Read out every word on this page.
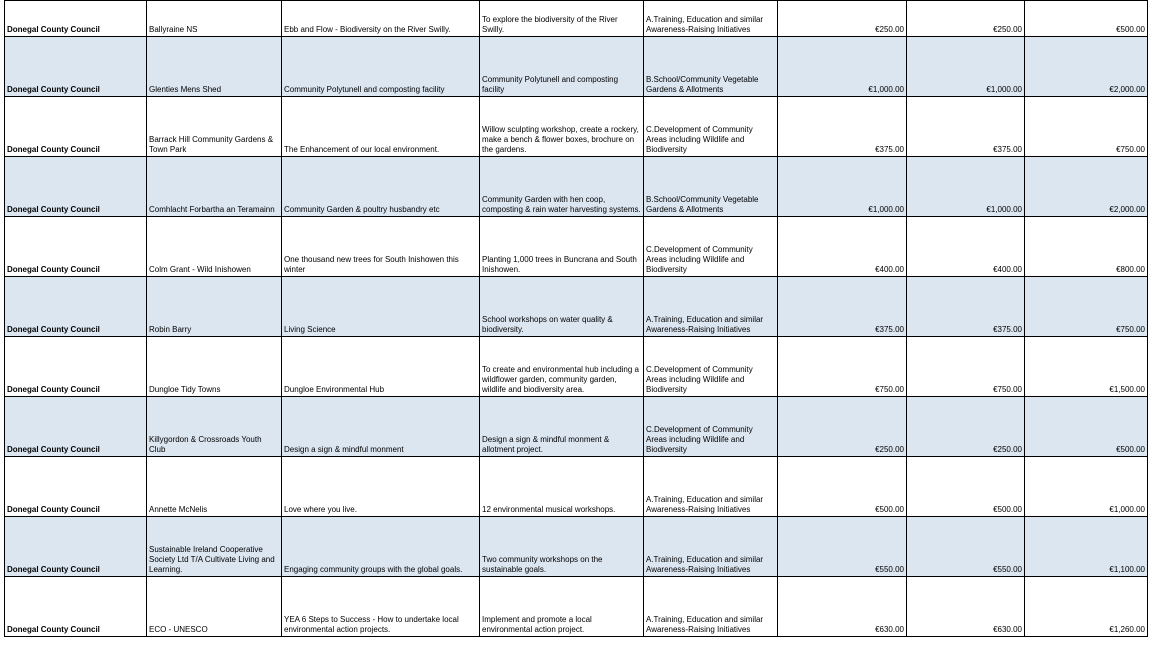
Donegal County Council	Ballyraine NS	Ebb and Flow - Biodiversity on the River Swilly.	To explore the biodiversity of the River Swilly.	A.Training, Education and similar Awareness-Raising Initiatives	€250.00	€250.00	€500.00
Donegal County Council	Glenties Mens Shed	Community Polytunell and composting facility	Community Polytunell and composting facility	B.School/Community Vegetable Gardens & Allotments	€1,000.00	€1,000.00	€2,000.00
Donegal County Council	Barrack Hill Community Gardens & Town Park	The Enhancement of our local environment.	Willow sculpting workshop, create a rockery, make a bench & flower boxes, brochure on the gardens.	C.Development of Community Areas including Wildlife and Biodiversity	€375.00	€375.00	€750.00
Donegal County Council	Comhlacht Forbartha an Teramainn	Community Garden & poultry husbandry etc	Community Garden with hen coop, composting & rain water harvesting systems.	B.School/Community Vegetable Gardens & Allotments	€1,000.00	€1,000.00	€2,000.00
Donegal County Council	Colm Grant - Wild Inishowen	One thousand new trees for South Inishowen this winter	Planting 1,000 trees in Buncrana and South Inishowen.	C.Development of Community Areas including Wildlife and Biodiversity	€400.00	€400.00	€800.00
Donegal County Council	Robin Barry	Living Science	School workshops on water quality & biodiversity.	A.Training, Education and similar Awareness-Raising Initiatives	€375.00	€375.00	€750.00
Donegal County Council	Dungloe Tidy Towns	Dungloe Environmental Hub	To create and environmental hub including a wildflower garden, community garden, wildlife and biodiversity area.	C.Development of Community Areas including Wildlife and Biodiversity	€750.00	€750.00	€1,500.00
Donegal County Council	Killygordon & Crossroads Youth Club	Design a sign & mindful monment	Design a sign & mindful monment & allotment project.	C.Development of Community Areas including Wildlife and Biodiversity	€250.00	€250.00	€500.00
Donegal County Council	Annette McNelis	Love where you live.	12 environmental musical workshops.	A.Training, Education and similar Awareness-Raising Initiatives	€500.00	€500.00	€1,000.00
Donegal County Council	Sustainable Ireland Cooperative Society Ltd T/A Cultivate Living and Learning.	Engaging community groups with the global goals.	Two community workshops on the sustainable goals.	A.Training, Education and similar Awareness-Raising Initiatives	€550.00	€550.00	€1,100.00
Donegal County Council	ECO - UNESCO	YEA 6 Steps to Success - How to undertake local environmental action projects.	Implement and promote a local environmental action project.	A.Training, Education and similar Awareness-Raising Initiatives	€630.00	€630.00	€1,260.00
